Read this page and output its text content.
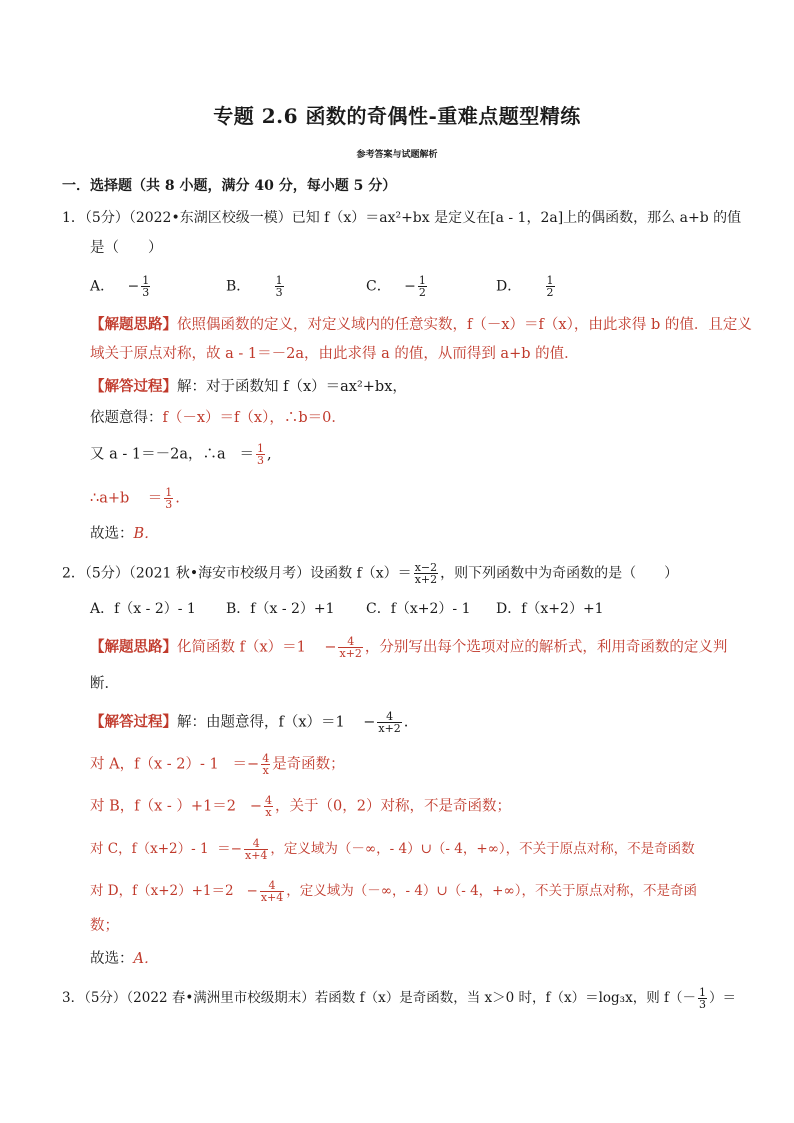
专题 2.6 函数的奇偶性-重难点题型精练
参考答案与试题解析
一．选择题（共 8 小题，满分 40 分，每小题 5 分）
1．（5分）（2022•东湖区校级一模）已知 f（x）＝ax²+bx 是定义在[a - 1，2a]上的偶函数，那么 a+b 的值
是（　　）
A． − $\frac{1}{3}$	B． $\frac{1}{3}$	C． − $\frac{1}{2}$	D． $\frac{1}{2}$
【解题思路】依照偶函数的定义，对定义域内的任意实数，f（－x）＝f（x），由此求得 b 的值．且定义
域关于原点对称，故 a - 1＝－2a，由此求得 a 的值，从而得到 a+b 的值．
【解答过程】解：对于函数知 f（x）＝ax²+bx，
依题意得：f（－x）＝f（x），∴b＝0．
又 a - 1＝－2a，∴a ＝ $\frac{1}{3}$ ,
∴a+b ＝ $\frac{1}{3}$ .
故选：B．
2．（5分）（2021 秋•海安市校级月考）设函数 $f(x)= \frac{x-2}{x+2}$ ，则下列函数中为奇函数的是（　　）
A．f（x - 2）- 1 B．f（x - 2）+1 C．f（x+2）- 1 D．f（x+2）+1
【解题思路】化简函数 f（x）＝1    − $\frac{4}{x+2}$ ，分别写出每个选项对应的解析式，利用奇函数的定义判
断．
【解答过程】解：由题意得，f（x）＝1    − $\frac{4}{x+2}$ .
对 A，f（x - 2）- $1 =- \frac{4}{x}$ 是奇函数；
对 B，$f(x - )+1=2 - \frac{4}{x}$ ，关于（0，2）对称，不是奇函数；
对 C，f（x+2）- $1 =- \frac{4}{x+4}$ ，定义域为（－∞，- 4）∪（- 4，+∞），不关于原点对称，不是奇函数
对 D，$f(x+2)+1=2 - \frac{4}{x+4}$ ，定义域为（－∞，- 4）∪（- 4，+∞），不关于原点对称，不是奇函
数；
故选：A．
3．（5分）（2022 春•满洲里市校级期末）若函数 f（x）是奇函数，当 x＞0 时，f（x）＝log₃x，则 $f(- \frac{1}{3}$ ）＝
